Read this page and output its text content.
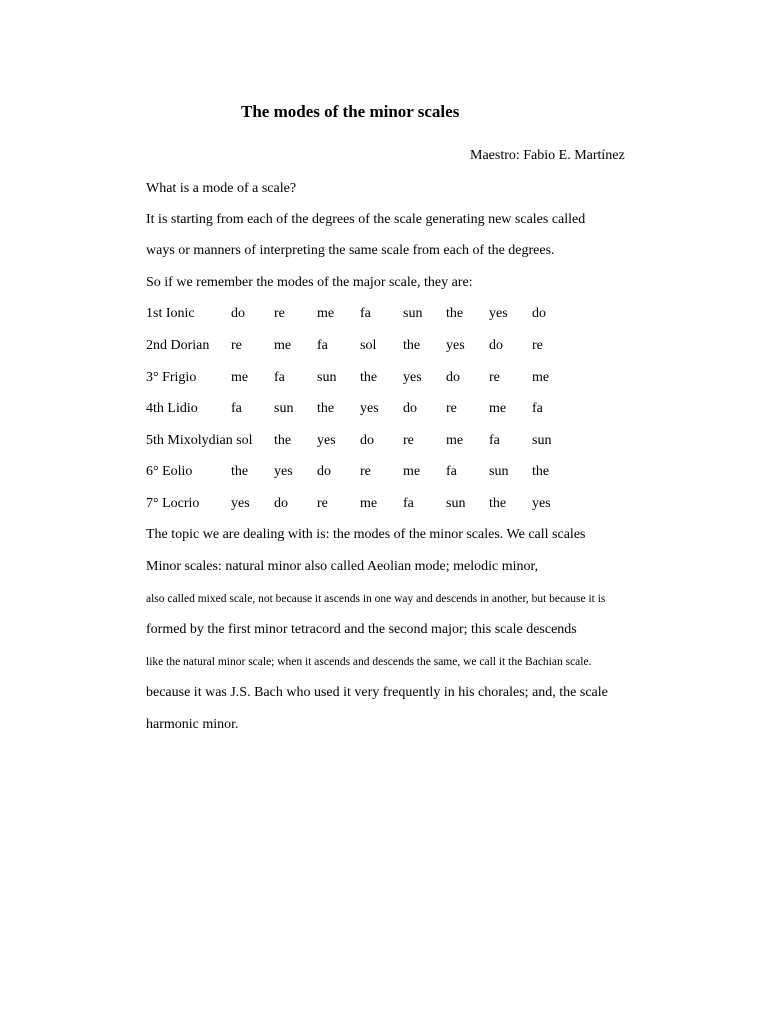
The modes of the minor scales
Maestro: Fabio E. Martínez
What is a mode of a scale?
It is starting from each of the degrees of the scale generating new scales called
ways or manners of interpreting the same scale from each of the degrees.
So if we remember the modes of the major scale, they are:
1st Ionic	do re me fa sun the yes do
2nd Dorian re me fa sol the yes do re
3° Frigio me fa sun the yes do re me
4th Lidio fa sun the yes do re me fa
5th Mixolydian sol the yes do re me fa sun
6° Eolio	the yes do re me fa sun the
7° Locrio yes do re me fa sun the yes
The topic we are dealing with is: the modes of the minor scales. We call scales
Minor scales: natural minor also called Aeolian mode; melodic minor,
also called mixed scale, not because it ascends in one way and descends in another, but because it is
formed by the first minor tetracord and the second major; this scale descends
like the natural minor scale; when it ascends and descends the same, we call it the Bachian scale.
because it was J.S. Bach who used it very frequently in his chorales; and, the scale
harmonic minor.
